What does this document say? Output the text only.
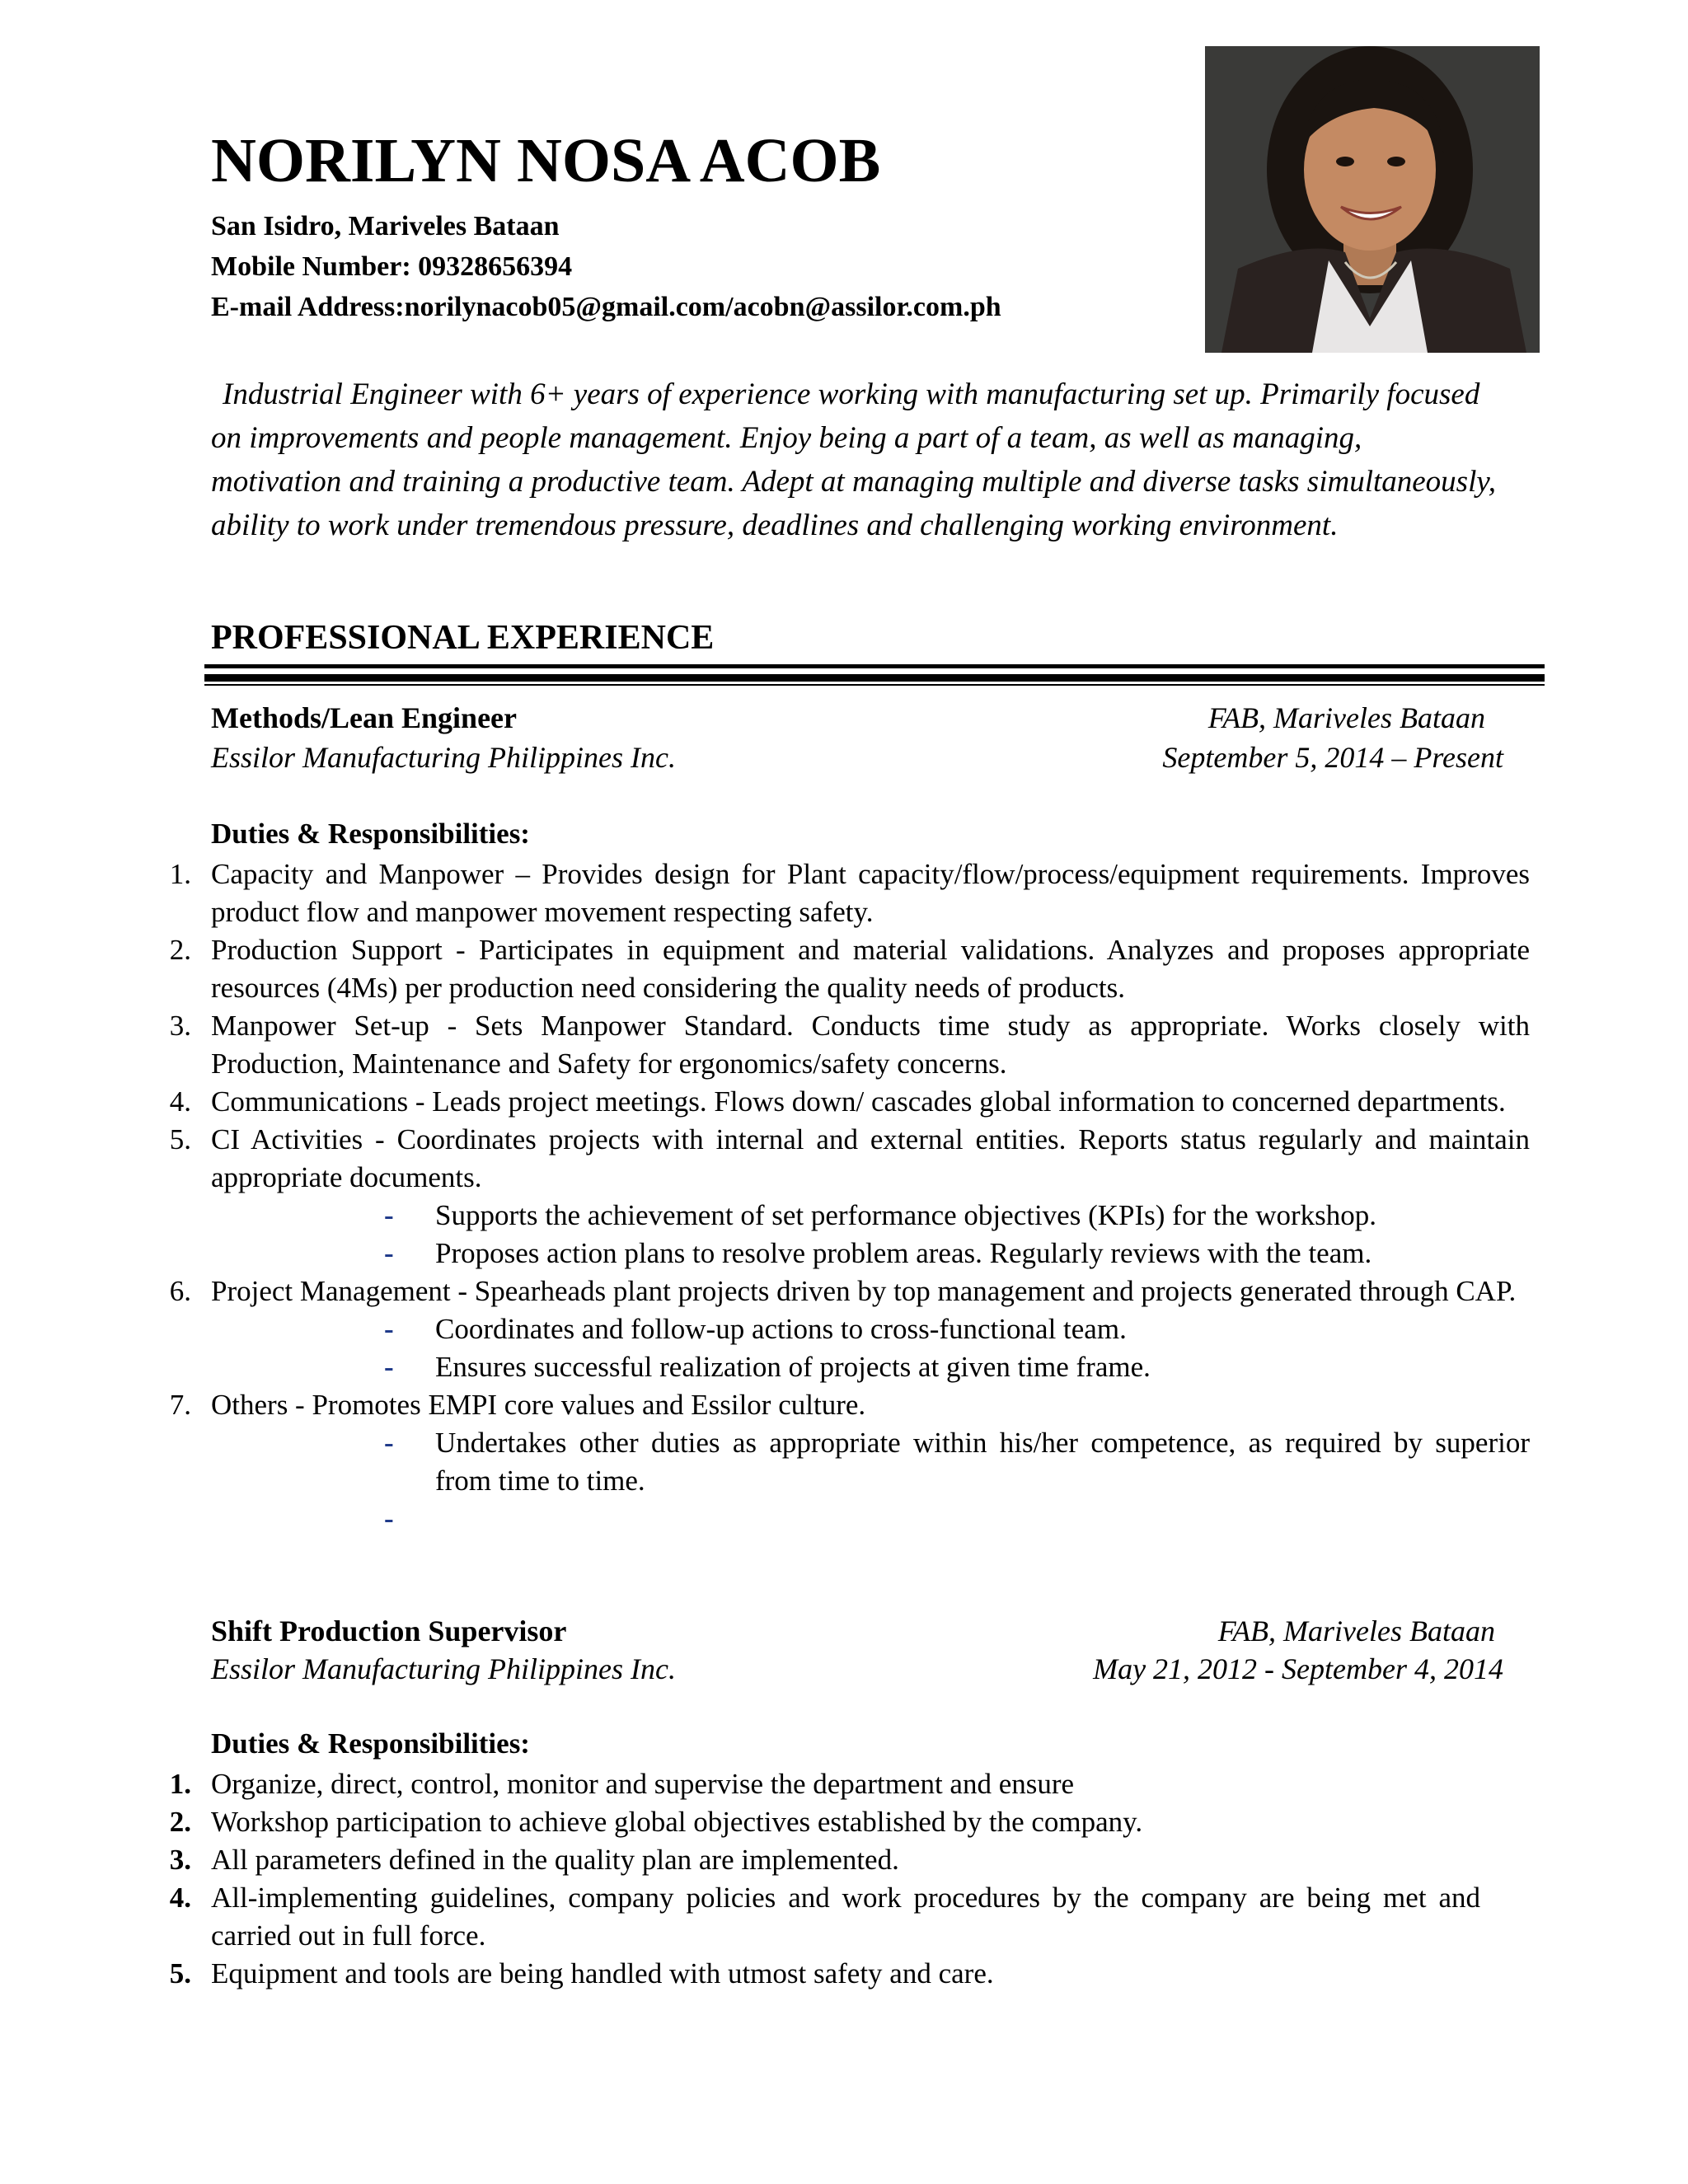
NORILYN NOSA ACOB
San Isidro, Mariveles Bataan
Mobile Number: 09328656394
E-mail Address:norilynacob05@gmail.com/acobn@assilor.com.ph

Industrial Engineer with 6+ years of experience working with manufacturing set up. Primarily focused on improvements and people management. Enjoy being a part of a team, as well as managing, motivation and training a productive team. Adept at managing multiple and diverse tasks simultaneously, ability to work under tremendous pressure, deadlines and challenging working environment.

PROFESSIONAL EXPERIENCE
Methods/Lean Engineer	FAB, Mariveles Bataan
Essilor Manufacturing Philippines Inc.	September 5, 2014 – Present
Duties & Responsibilities:
1. Capacity and Manpower – Provides design for Plant capacity/flow/process/equipment requirements. Improves product flow and manpower movement respecting safety.
2. Production Support - Participates in equipment and material validations. Analyzes and proposes appropriate resources (4Ms) per production need considering the quality needs of products.
3. Manpower Set-up - Sets Manpower Standard. Conducts time study as appropriate. Works closely with Production, Maintenance and Safety for ergonomics/safety concerns.
4. Communications - Leads project meetings. Flows down/ cascades global information to concerned departments.
5. CI Activities - Coordinates projects with internal and external entities. Reports status regularly and maintain appropriate documents.
- Supports the achievement of set performance objectives (KPIs) for the workshop.
- Proposes action plans to resolve problem areas. Regularly reviews with the team.
6. Project Management - Spearheads plant projects driven by top management and projects generated through CAP.
- Coordinates and follow-up actions to cross-functional team.
- Ensures successful realization of projects at given time frame.
7. Others - Promotes EMPI core values and Essilor culture.
- Undertakes other duties as appropriate within his/her competence, as required by superior from time to time.
-
Shift Production Supervisor	FAB, Mariveles Bataan
Essilor Manufacturing Philippines Inc.	May 21, 2012 - September 4, 2014
Duties & Responsibilities:
1. Organize, direct, control, monitor and supervise the department and ensure
2. Workshop participation to achieve global objectives established by the company.
3. All parameters defined in the quality plan are implemented.
4. All-implementing guidelines, company policies and work procedures by the company are being met and carried out in full force.
5. Equipment and tools are being handled with utmost safety and care.
